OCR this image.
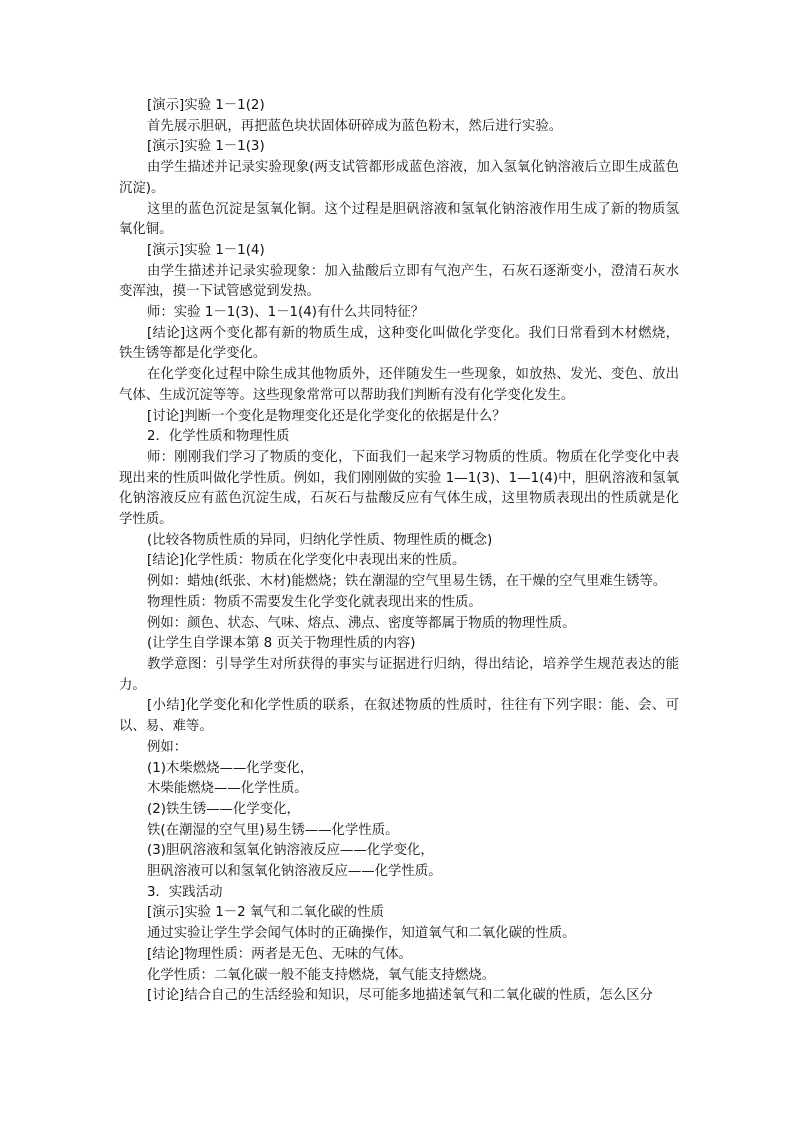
[演示]实验 1－1(2)

首先展示胆矾，再把蓝色块状固体研碎成为蓝色粉末，然后进行实验。

[演示]实验 1－1(3)

由学生描述并记录实验现象(两支试管都形成蓝色溶液，加入氢氧化钠溶液后立即生成蓝色沉淀)。

这里的蓝色沉淀是氢氧化铜。这个过程是胆矾溶液和氢氧化钠溶液作用生成了新的物质氢氧化铜。

[演示]实验 1－1(4)

由学生描述并记录实验现象：加入盐酸后立即有气泡产生，石灰石逐渐变小，澄清石灰水变浑浊，摸一下试管感觉到发热。

师：实验 1－1(3)、1－1(4)有什么共同特征？

[结论]这两个变化都有新的物质生成，这种变化叫做化学变化。我们日常看到木材燃烧，铁生锈等都是化学变化。

在化学变化过程中除生成其他物质外，还伴随发生一些现象，如放热、发光、变色、放出气体、生成沉淀等等。这些现象常常可以帮助我们判断有没有化学变化发生。

[讨论]判断一个变化是物理变化还是化学变化的依据是什么？

2．化学性质和物理性质

师：刚刚我们学习了物质的变化，下面我们一起来学习物质的性质。物质在化学变化中表现出来的性质叫做化学性质。例如，我们刚刚做的实验 1—1(3)、1—1(4)中，胆矾溶液和氢氧化钠溶液反应有蓝色沉淀生成，石灰石与盐酸反应有气体生成，这里物质表现出的性质就是化学性质。

(比较各物质性质的异同，归纳化学性质、物理性质的概念)

[结论]化学性质：物质在化学变化中表现出来的性质。

例如：蜡烛(纸张、木材)能燃烧；铁在潮湿的空气里易生锈，在干燥的空气里难生锈等。

物理性质：物质不需要发生化学变化就表现出来的性质。

例如：颜色、状态、气味、熔点、沸点、密度等都属于物质的物理性质。

(让学生自学课本第 8 页关于物理性质的内容)

教学意图：引导学生对所获得的事实与证据进行归纳，得出结论，培养学生规范表达的能力。

[小结]化学变化和化学性质的联系，在叙述物质的性质时，往往有下列字眼：能、会、可以、易、难等。

例如：

(1)木柴燃烧——化学变化，

木柴能燃烧——化学性质。

(2)铁生锈——化学变化，

铁(在潮湿的空气里)易生锈——化学性质。

(3)胆矾溶液和氢氧化钠溶液反应——化学变化，

胆矾溶液可以和氢氧化钠溶液反应——化学性质。

3．实践活动

[演示]实验 1－2 氧气和二氧化碳的性质

通过实验让学生学会闻气体时的正确操作，知道氧气和二氧化碳的性质。

[结论]物理性质：两者是无色、无味的气体。

化学性质：二氧化碳一般不能支持燃烧，氧气能支持燃烧。

[讨论]结合自己的生活经验和知识，尽可能多地描述氧气和二氧化碳的性质，怎么区分
